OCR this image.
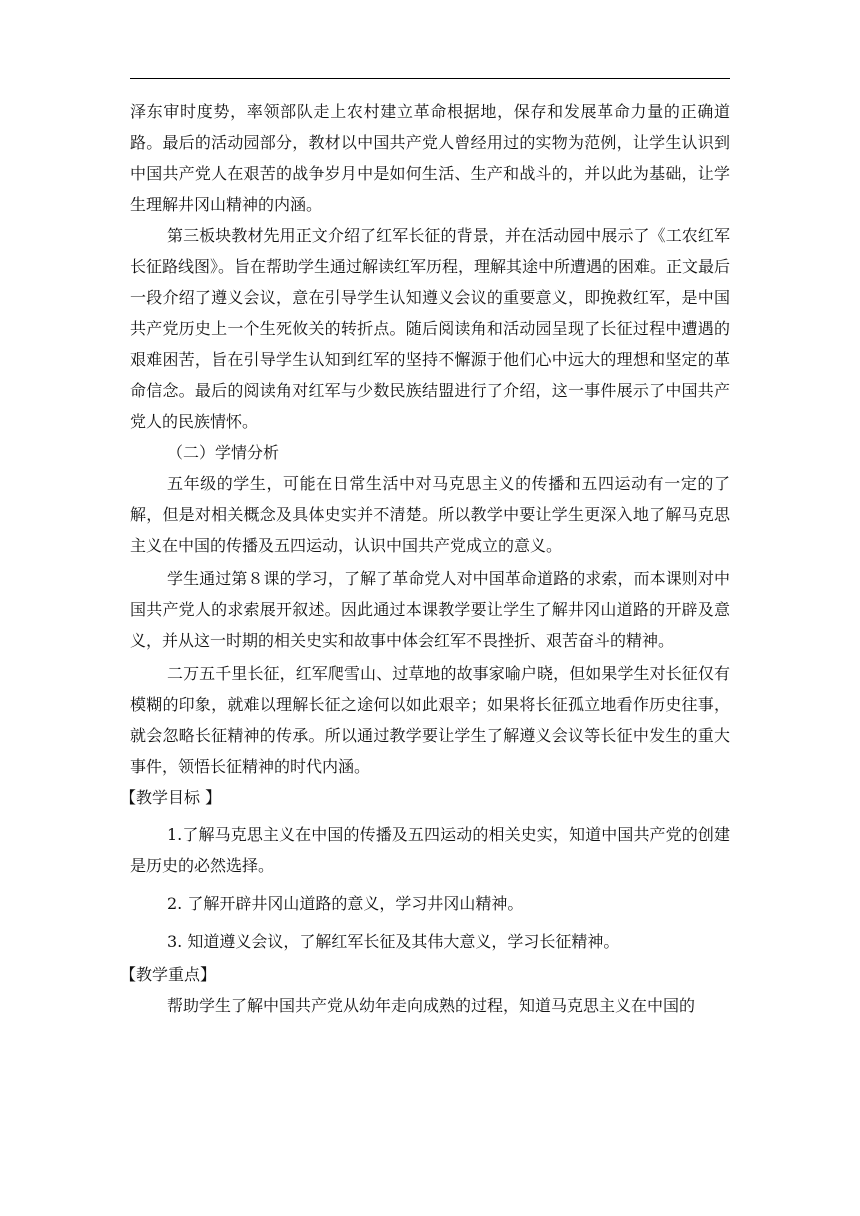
泽东审时度势，率领部队走上农村建立革命根据地，保存和发展革命力量的正确道路。最后的活动园部分，教材以中国共产党人曾经用过的实物为范例，让学生认识到中国共产党人在艰苦的战争岁月中是如何生活、生产和战斗的，并以此为基础，让学生理解井冈山精神的内涵。

第三板块教材先用正文介绍了红军长征的背景，并在活动园中展示了《工农红军长征路线图》。旨在帮助学生通过解读红军历程，理解其途中所遭遇的困难。正文最后一段介绍了遵义会议，意在引导学生认知遵义会议的重要意义，即挽救红军，是中国共产党历史上一个生死攸关的转折点。随后阅读角和活动园呈现了长征过程中遭遇的艰难困苦，旨在引导学生认知到红军的坚持不懈源于他们心中远大的理想和坚定的革命信念。最后的阅读角对红军与少数民族结盟进行了介绍，这一事件展示了中国共产党人的民族情怀。

（二）学情分析

五年级的学生，可能在日常生活中对马克思主义的传播和五四运动有一定的了解，但是对相关概念及具体史实并不清楚。所以教学中要让学生更深入地了解马克思主义在中国的传播及五四运动，认识中国共产党成立的意义。

学生通过第８课的学习，了解了革命党人对中国革命道路的求索，而本课则对中国共产党人的求索展开叙述。因此通过本课教学要让学生了解井冈山道路的开辟及意义，并从这一时期的相关史实和故事中体会红军不畏挫折、艰苦奋斗的精神。

二万五千里长征，红军爬雪山、过草地的故事家喻户晓，但如果学生对长征仅有模糊的印象，就难以理解长征之途何以如此艰辛；如果将长征孤立地看作历史往事，就会忽略长征精神的传承。所以通过教学要让学生了解遵义会议等长征中发生的重大事件，领悟长征精神的时代内涵。

【教学目标 】

1.了解马克思主义在中国的传播及五四运动的相关史实，知道中国共产党的创建是历史的必然选择。

2. 了解开辟井冈山道路的意义，学习井冈山精神。

3. 知道遵义会议，了解红军长征及其伟大意义，学习长征精神。

【教学重点】

帮助学生了解中国共产党从幼年走向成熟的过程，知道马克思主义在中国的
